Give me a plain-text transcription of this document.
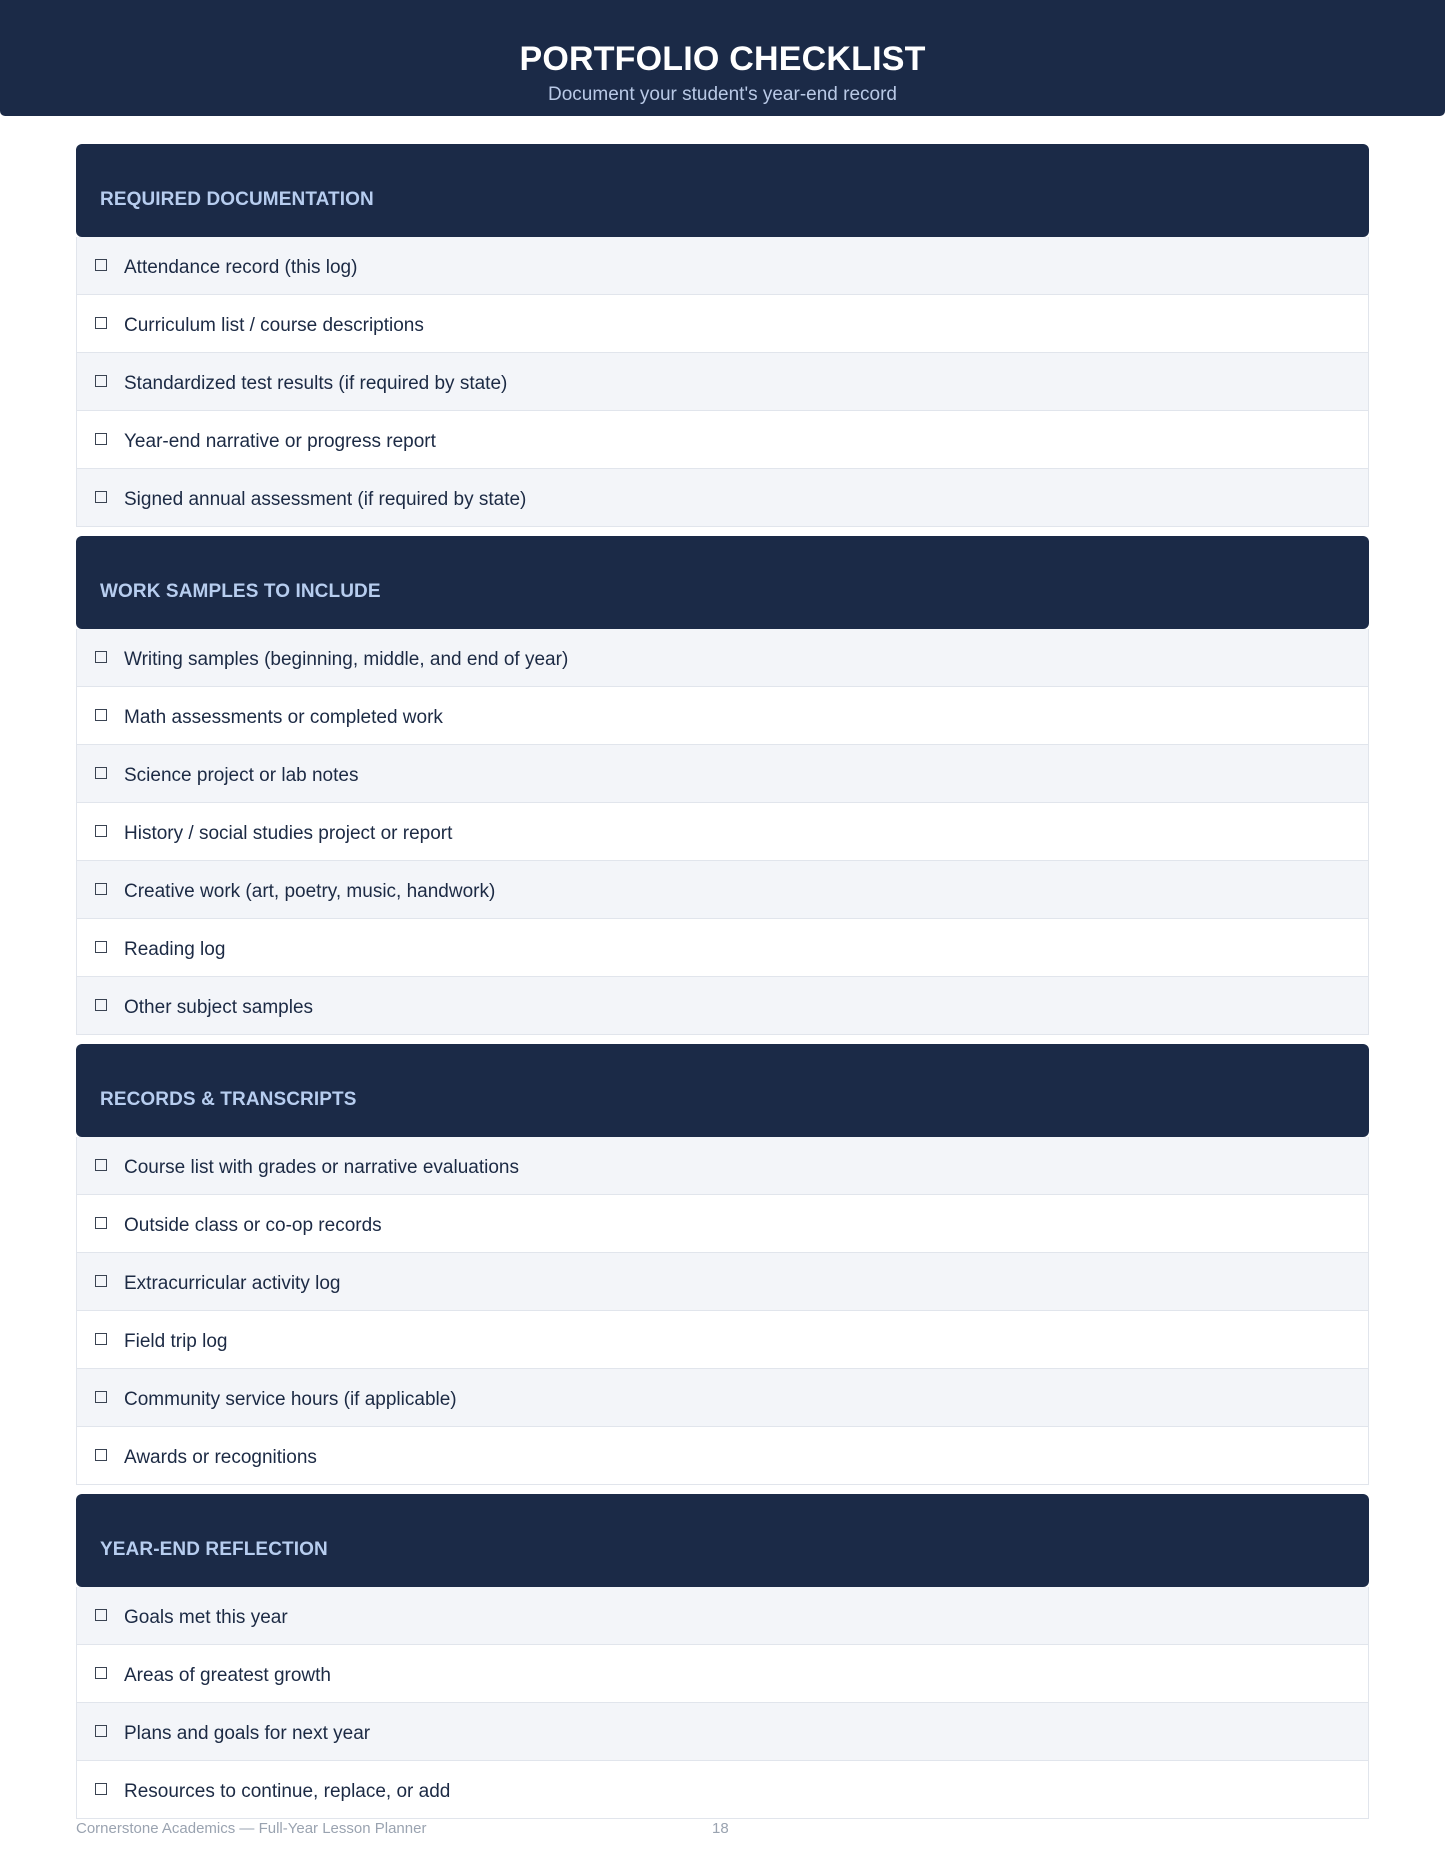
PORTFOLIO CHECKLIST
Document your student's year-end record
REQUIRED DOCUMENTATION
Attendance record (this log)
Curriculum list / course descriptions
Standardized test results (if required by state)
Year-end narrative or progress report
Signed annual assessment (if required by state)
WORK SAMPLES TO INCLUDE
Writing samples (beginning, middle, and end of year)
Math assessments or completed work
Science project or lab notes
History / social studies project or report
Creative work (art, poetry, music, handwork)
Reading log
Other subject samples
RECORDS & TRANSCRIPTS
Course list with grades or narrative evaluations
Outside class or co-op records
Extracurricular activity log
Field trip log
Community service hours (if applicable)
Awards or recognitions
YEAR-END REFLECTION
Goals met this year
Areas of greatest growth
Plans and goals for next year
Resources to continue, replace, or add
Cornerstone Academics — Full-Year Lesson Planner	18
